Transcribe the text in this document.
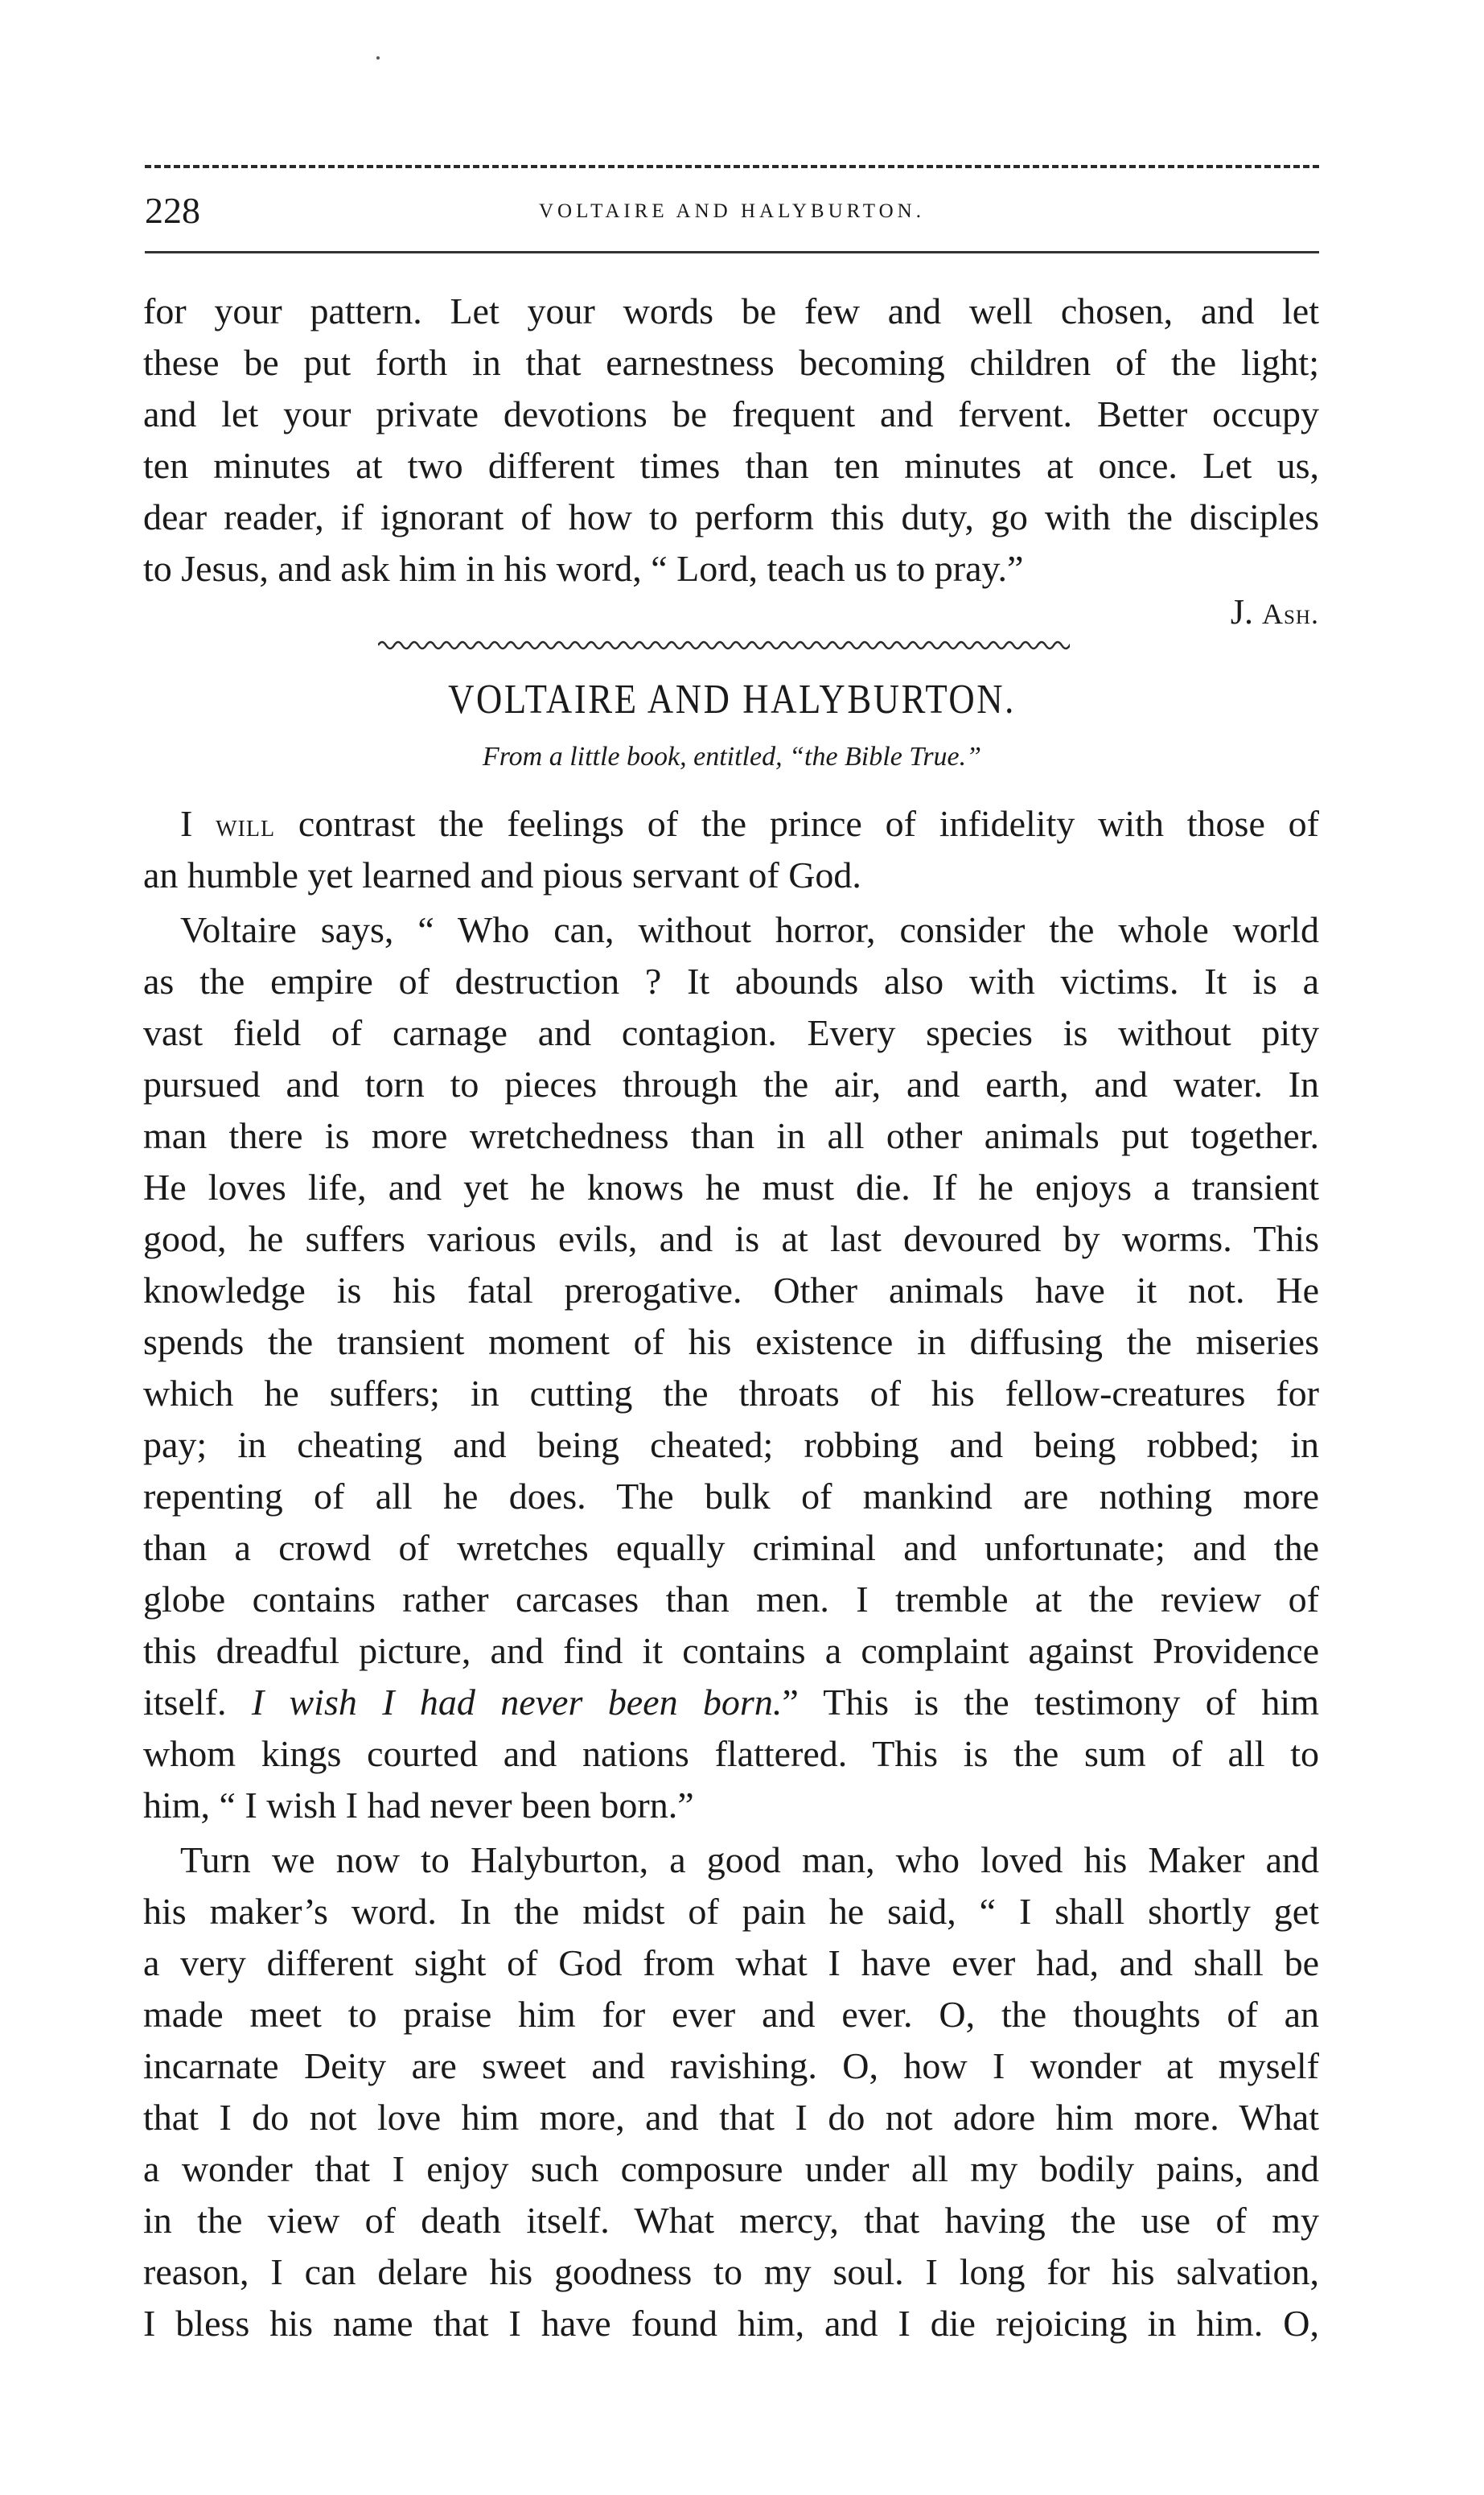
228	VOLTAIRE AND HALYBURTON.
for your pattern. Let your words be few and well chosen, and let
these be put forth in that earnestness becoming children of the light;
and let your private devotions be frequent and fervent. Better occupy
ten minutes at two different times than ten minutes at once. Let us,
dear reader, if ignorant of how to perform this duty, go with the disciples
to Jesus, and ask him in his word, “ Lord, teach us to pray.”
J. Ash.
VOLTAIRE AND HALYBURTON.
From a little book, entitled, “the Bible True.”
I will contrast the feelings of the prince of infidelity with those of
an humble yet learned and pious servant of God.
Voltaire says, “ Who can, without horror, consider the whole world
as the empire of destruction ? It abounds also with victims. It is a
vast field of carnage and contagion. Every species is without pity
pursued and torn to pieces through the air, and earth, and water. In
man there is more wretchedness than in all other animals put together.
He loves life, and yet he knows he must die. If he enjoys a transient
good, he suffers various evils, and is at last devoured by worms. This
knowledge is his fatal prerogative. Other animals have it not. He
spends the transient moment of his existence in diffusing the miseries
which he suffers; in cutting the throats of his fellow-creatures for
pay; in cheating and being cheated; robbing and being robbed; in
repenting of all he does. The bulk of mankind are nothing more
than a crowd of wretches equally criminal and unfortunate; and the
globe contains rather carcases than men. I tremble at the review of
this dreadful picture, and find it contains a complaint against Providence
itself. I wish I had never been born.” This is the testimony of him
whom kings courted and nations flattered. This is the sum of all to
him, “ I wish I had never been born.”
Turn we now to Halyburton, a good man, who loved his Maker and
his maker’s word. In the midst of pain he said, “ I shall shortly get
a very different sight of God from what I have ever had, and shall be
made meet to praise him for ever and ever. O, the thoughts of an
incarnate Deity are sweet and ravishing. O, how I wonder at myself
that I do not love him more, and that I do not adore him more. What
a wonder that I enjoy such composure under all my bodily pains, and
in the view of death itself. What mercy, that having the use of my
reason, I can delare his goodness to my soul. I long for his salvation,
I bless his name that I have found him, and I die rejoicing in him. O,
